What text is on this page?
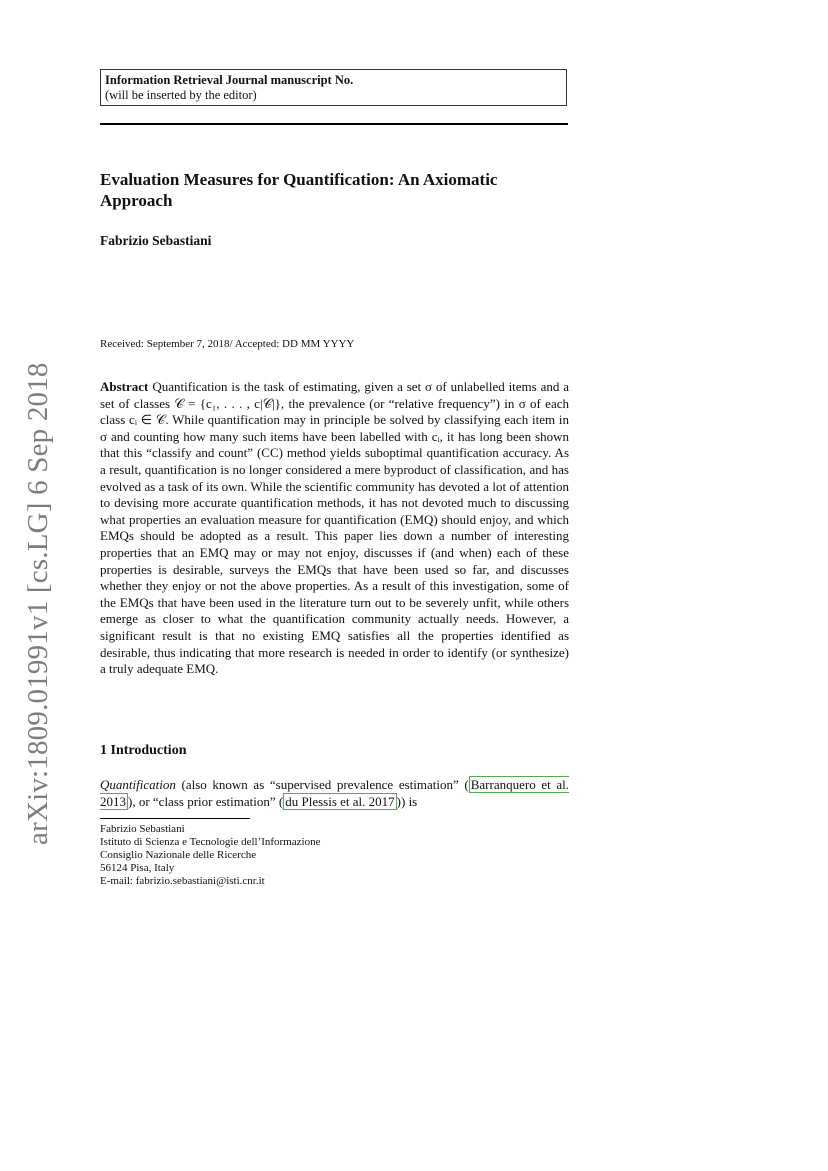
Information Retrieval Journal manuscript No.
(will be inserted by the editor)
Evaluation Measures for Quantification: An Axiomatic Approach
Fabrizio Sebastiani
Received: September 7, 2018/ Accepted: DD MM YYYY
Abstract Quantification is the task of estimating, given a set σ of unlabelled items and a set of classes 𝒞 = {c₁, . . . , c|𝒞|}, the prevalence (or “relative frequency”) in σ of each class cᵢ ∈ 𝒞. While quantification may in principle be solved by classifying each item in σ and counting how many such items have been labelled with cᵢ, it has long been shown that this “classify and count” (CC) method yields suboptimal quantification accuracy. As a result, quantification is no longer considered a mere byproduct of classification, and has evolved as a task of its own. While the scientific community has devoted a lot of attention to devising more accurate quantification methods, it has not devoted much to discussing what properties an evaluation measure for quantification (EMQ) should enjoy, and which EMQs should be adopted as a result. This paper lies down a number of interesting properties that an EMQ may or may not enjoy, discusses if (and when) each of these properties is desirable, surveys the EMQs that have been used so far, and discusses whether they enjoy or not the above properties. As a result of this investigation, some of the EMQs that have been used in the literature turn out to be severely unfit, while others emerge as closer to what the quantification community actually needs. However, a significant result is that no existing EMQ satisfies all the properties identified as desirable, thus indicating that more research is needed in order to identify (or synthesize) a truly adequate EMQ.
1 Introduction
Quantification (also known as “supervised prevalence estimation” ( Barranquero et al. 2013 ), or “class prior estimation” ( du Plessis et al. 2017 )) is
Fabrizio Sebastiani
Istituto di Scienza e Tecnologie dell’Informazione
Consiglio Nazionale delle Ricerche
56124 Pisa, Italy
E-mail: fabrizio.sebastiani@isti.cnr.it
arXiv:1809.01991v1 [cs.LG] 6 Sep 2018
